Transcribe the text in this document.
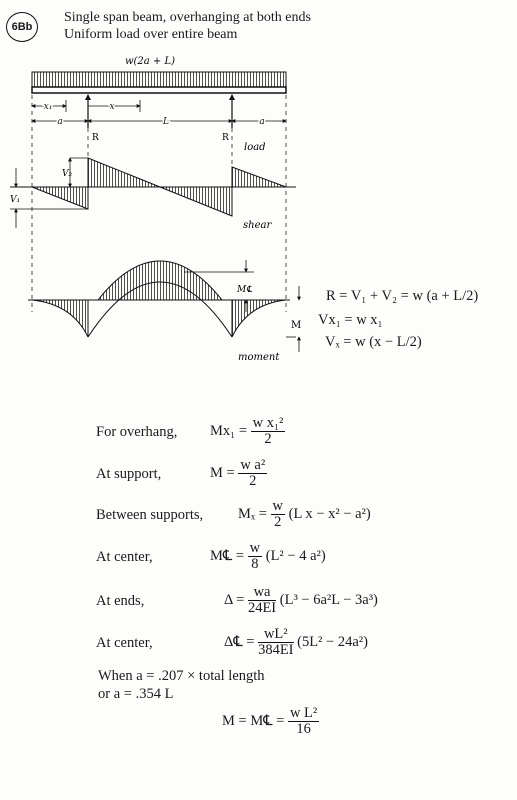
6Bb
Single span beam, overhanging at both ends
Uniform load over entire beam
w(2a + L)
x₁	x
a	L	a
R	R
load
V₂
V₁
shear
M℄
M
moment
R = V₁ + V₂ = w (a + L/2)
Vx₁ = w x₁
Vₓ = w (x − L/2)
For overhang, $Mx_1 = \frac{\text{w x₁²}}{2}$
At support,	$M = \frac{\text{w a²}}{2}$
Between supports, $M_x = \frac{w}{2} (L$ x − x² − a²)
At center,	M℄ = $\frac{w}{8} (L^2 - 4$ a²)
At ends,	$\Delta = \frac{wa}{24EI} (L^3 - 6a^2L - 3a^3)$
At center,	Δ℄ = $\frac{\text{wL²}}{384EI} (5L^2 - 24a^2)$
When a = .207 × total length
or a = .354 L
M = M℄ = $\frac{\text{w L²}}{16}$
